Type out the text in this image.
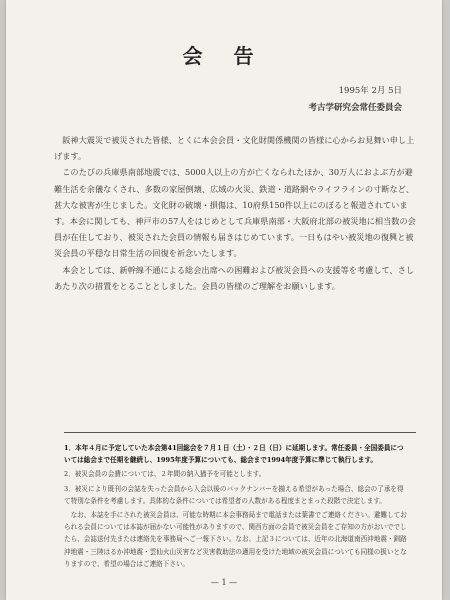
会 告
1995年 2月 5日
考古学研究会常任委員会

阪神大震災で被災された皆様、とくに本会会員・文化財関係機関の皆様に心からお見舞い申し上げます。

このたびの兵庫県南部地震では、5000人以上の方が亡くなられたほか、30万人におよぶ方が避難生活を余儀なくされ、多数の家屋倒壊、広域の火災、鉄道・道路網やライフラインの寸断など、甚大な被害が生じました。文化財の破壊・損傷は、10府県150件以上にのぼると報道されています。本会に関しても、神戸市の57人をはじめとして兵庫県南部・大阪府北部の被災地に相当数の会員が在住しており、被災された会員の情報も届きはじめています。一日もはやい被災地の復興と被災会員の平穏な日常生活の回復を祈念いたします。

本会としては、新幹線不通による総会出席への困難および被災会員への支援等を考慮して、さしあたり次の措置をとることとしました。会員の皆様のご理解をお願いします。

1．本年４月に予定していた本会第41回総会を７月１日（土）・２日（日）に延期します。常任委員・全国委員については総会まで任期を継続し、1995年度予算についても、総会まで1994年度予算に準じて執行します。

2．被災会員の会費については、２年間の納入猶予を可能とします。

3．被災により既刊の会誌を失った会員から入会以後のバックナンバーを揃える希望があった場合、総会の了承を得て特別な条件を考慮します。具体的な条件については希望者の人数がある程度まとまった段階で決定します。

なお、本誌を手にされた被災会員は、可能な時期に本会事務局まで電話または葉書でご連絡ください。避難しておられる会員については本誌が届かない可能性がありますので、関西方面の会員で被災会員をご存知の方がおいででしたら、会誌送付先または連絡先を事務局へご一報下さい。なお、上記３については、近年の北海道南西沖地震・釧路沖地震・三陸はるか沖地震・雲仙火山災害など災害救助法の適用を受けた地域の被災会員についても同様の扱いとなりますので、希望の場合はご連絡下さい。

— 1 —
